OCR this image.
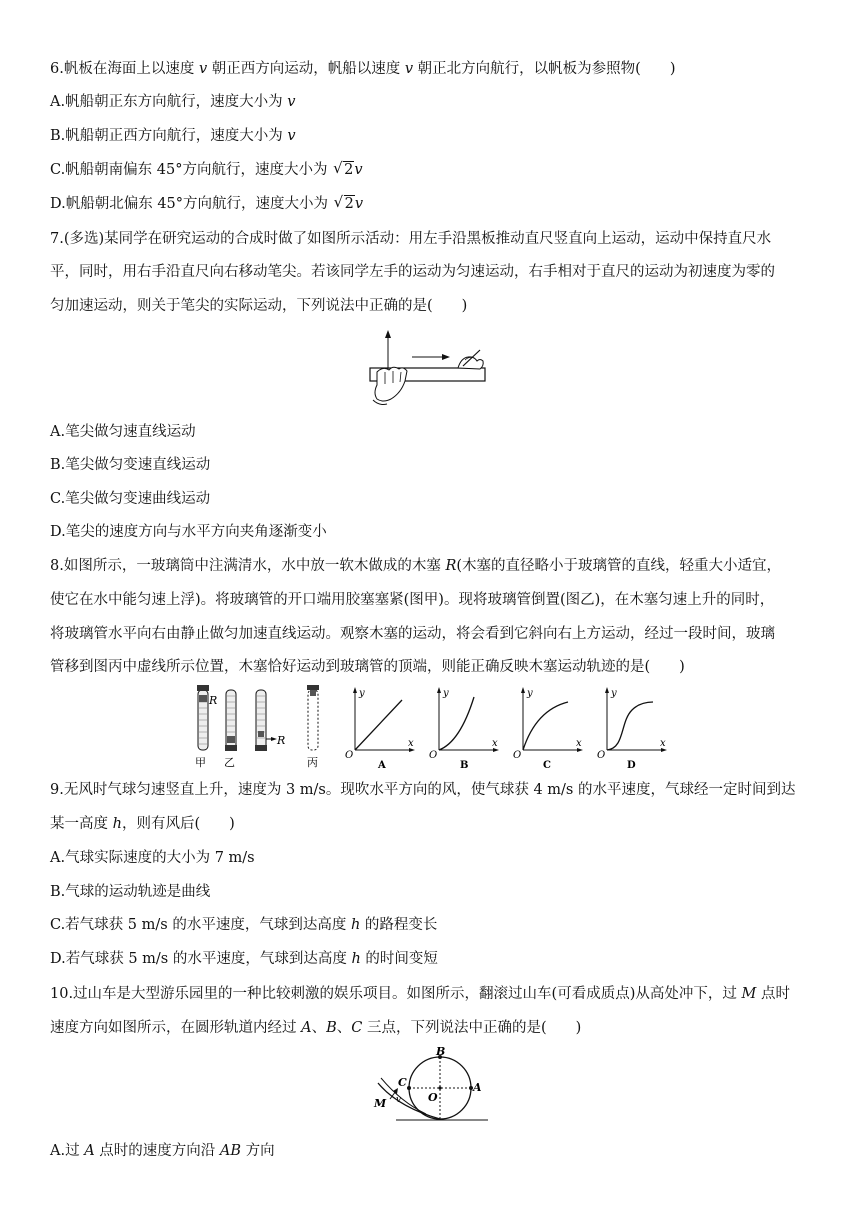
6.帆板在海面上以速度 v 朝正西方向运动，帆船以速度 v 朝正北方向航行，以帆板为参照物(　　)
A.帆船朝正东方向航行，速度大小为 v
B.帆船朝正西方向航行，速度大小为 v
C.帆船朝南偏东 45°方向航行，速度大小为 √ 2v
D.帆船朝北偏东 45°方向航行，速度大小为 √ 2v
7.(多选)某同学在研究运动的合成时做了如图所示活动：用左手沿黑板推动直尺竖直向上运动，运动中保持直尺水
平，同时，用右手沿直尺向右移动笔尖。若该同学左手的运动为匀速运动，右手相对于直尺的运动为初速度为零的
匀加速运动，则关于笔尖的实际运动，下列说法中正确的是(　　)
A.笔尖做匀速直线运动
B.笔尖做匀变速直线运动
C.笔尖做匀变速曲线运动
D.笔尖的速度方向与水平方向夹角逐渐变小
8.如图所示，一玻璃筒中注满清水，水中放一软木做成的木塞 R(木塞的直径略小于玻璃管的直线，轻重大小适宜，
使它在水中能匀速上浮)。将玻璃管的开口端用胶塞塞紧(图甲)。现将玻璃管倒置(图乙)，在木塞匀速上升的同时，
将玻璃管水平向右由静止做匀加速直线运动。观察木塞的运动，将会看到它斜向右上方运动，经过一段时间，玻璃
管移到图丙中虚线所示位置，木塞恰好运动到玻璃管的顶端，则能正确反映木塞运动轨迹的是(　　)
R
R
甲 乙	丙
y
x
O
A
y
x
O
B
y
x
O
C
y
x
O
D
9.无风时气球匀速竖直上升，速度为 3 m/s。现吹水平方向的风，使气球获 4 m/s 的水平速度，气球经一定时间到达
某一高度 h，则有风后(　　)
A.气球实际速度的大小为 7 m/s
B.气球的运动轨迹是曲线
C.若气球获 5 m/s 的水平速度，气球到达高度 h 的路程变长
D.若气球获 5 m/s 的水平速度，气球到达高度 h 的时间变短
10.过山车是大型游乐园里的一种比较刺激的娱乐项目。如图所示，翻滚过山车(可看成质点)从高处冲下，过 M 点时
速度方向如图所示，在圆形轨道内经过 A、B、C 三点，下列说法中正确的是(　　)
B
A
C
O
M v
A.过 A 点时的速度方向沿 AB 方向
